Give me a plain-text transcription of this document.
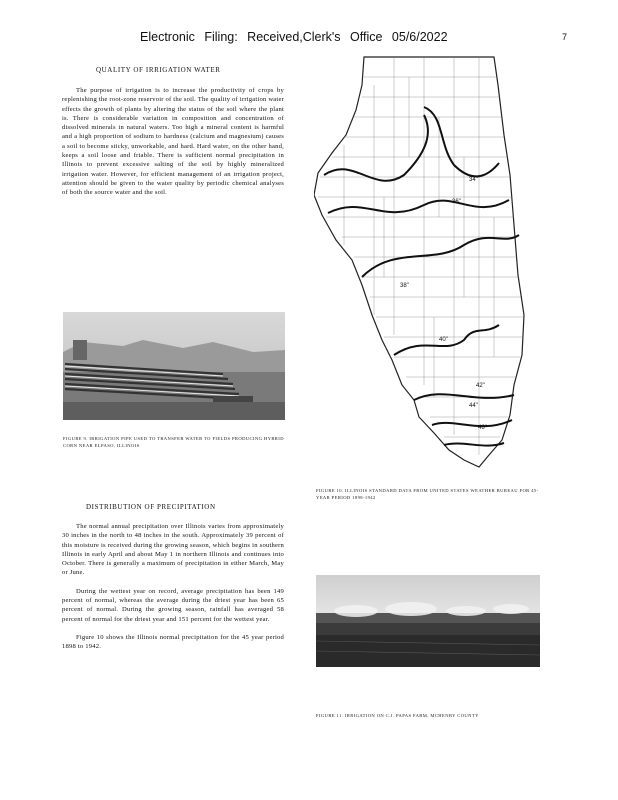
Electronic Filing: Received,Clerk's Office 05/6/2022	7
QUALITY OF IRRIGATION WATER

The purpose of irrigation is to increase the productivity of crops by replenishing the root-zone reservoir of the soil. The quality of irrigation water effects the growth of plants by altering the status of the soil where the plant is. There is considerable variation in composition and concentration of dissolved minerals in natural waters. Too high a mineral content is harmful and a high proportion of sodium to hardness (calcium and magnesium) causes a soil to become sticky, unworkable, and hard. Hard water, on the other hand, keeps a soil loose and friable. There is sufficient normal precipitation in Illinois to prevent excessive salting of the soil by highly mineralized irrigation water. However, for efficient management of an irrigation project, attention should be given to the water quality by periodic chemical analyses of both the source water and the soil.

FIGURE 9. IRRIGATION PIPE USED TO TRANSFER WATER TO FIELDS PRODUCING HYBRID CORN NEAR ELPASO, ILLINOIS
DISTRIBUTION OF PRECIPITATION

The normal annual precipitation over Illinois varies from approximately 30 inches in the north to 48 inches in the south. Approximately 39 percent of this moisture is received during the growing season, which begins in southern Illinois in early April and about May 1 in northern Illinois and continues into October. There is generally a maximum of precipitation in either March, May or June.

During the wettest year on record, average precipitation has been 149 percent of normal, whereas the average during the driest year has been 65 percent of normal. During the growing season, rainfall has averaged 58 percent of normal for the driest year and 151 percent for the wettest year.

Figure 10 shows the Illinois normal precipitation for the 45 year period 1898 to 1942.

34"
36"
38"
40"
42"
44"
46"
FIGURE 10. ILLINOIS STANDARD DATA FROM UNITED STATES WEATHER BUREAU FOR 45-YEAR PERIOD 1898-1942
FIGURE 11. IRRIGATION ON C.J. PAPAS FARM, MCHENRY COUNTY
